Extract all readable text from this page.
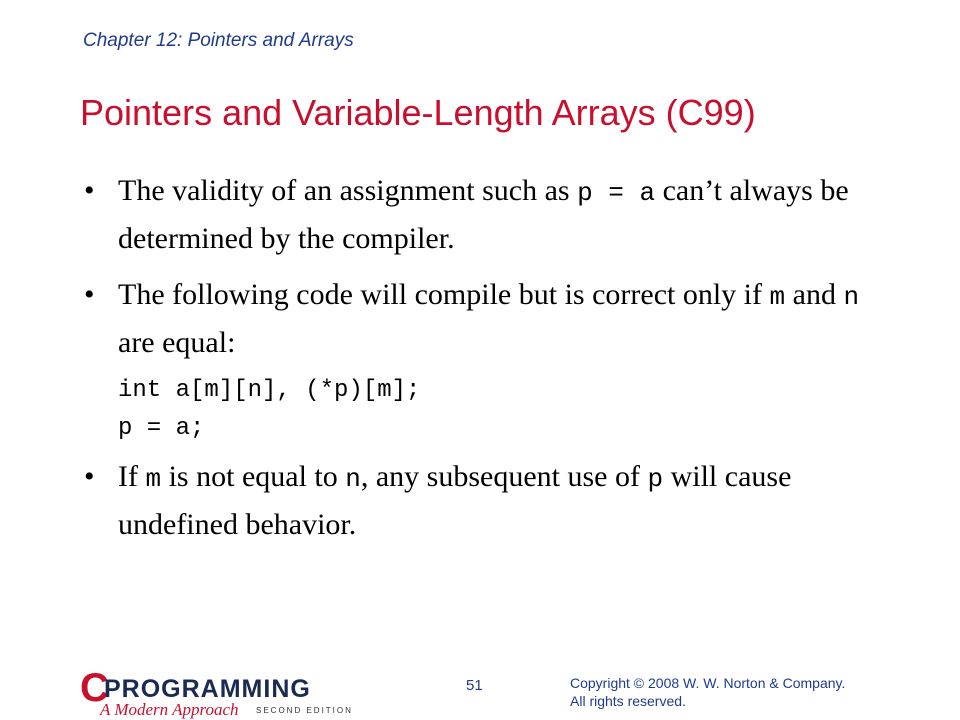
Chapter 12: Pointers and Arrays
Pointers and Variable-Length Arrays (C99)
• The validity of an assignment such as p = a can’t always be determined by the compiler.
• The following code will compile but is correct only if m and n are equal:
int a[m][n], (*p)[m];
p = a;
• If m is not equal to n, any subsequent use of p will cause undefined behavior.
C
PROGRAMMING
A Modern Approach SECOND EDITION
51	Copyright © 2008 W. W. Norton & Company.
All rights reserved.
